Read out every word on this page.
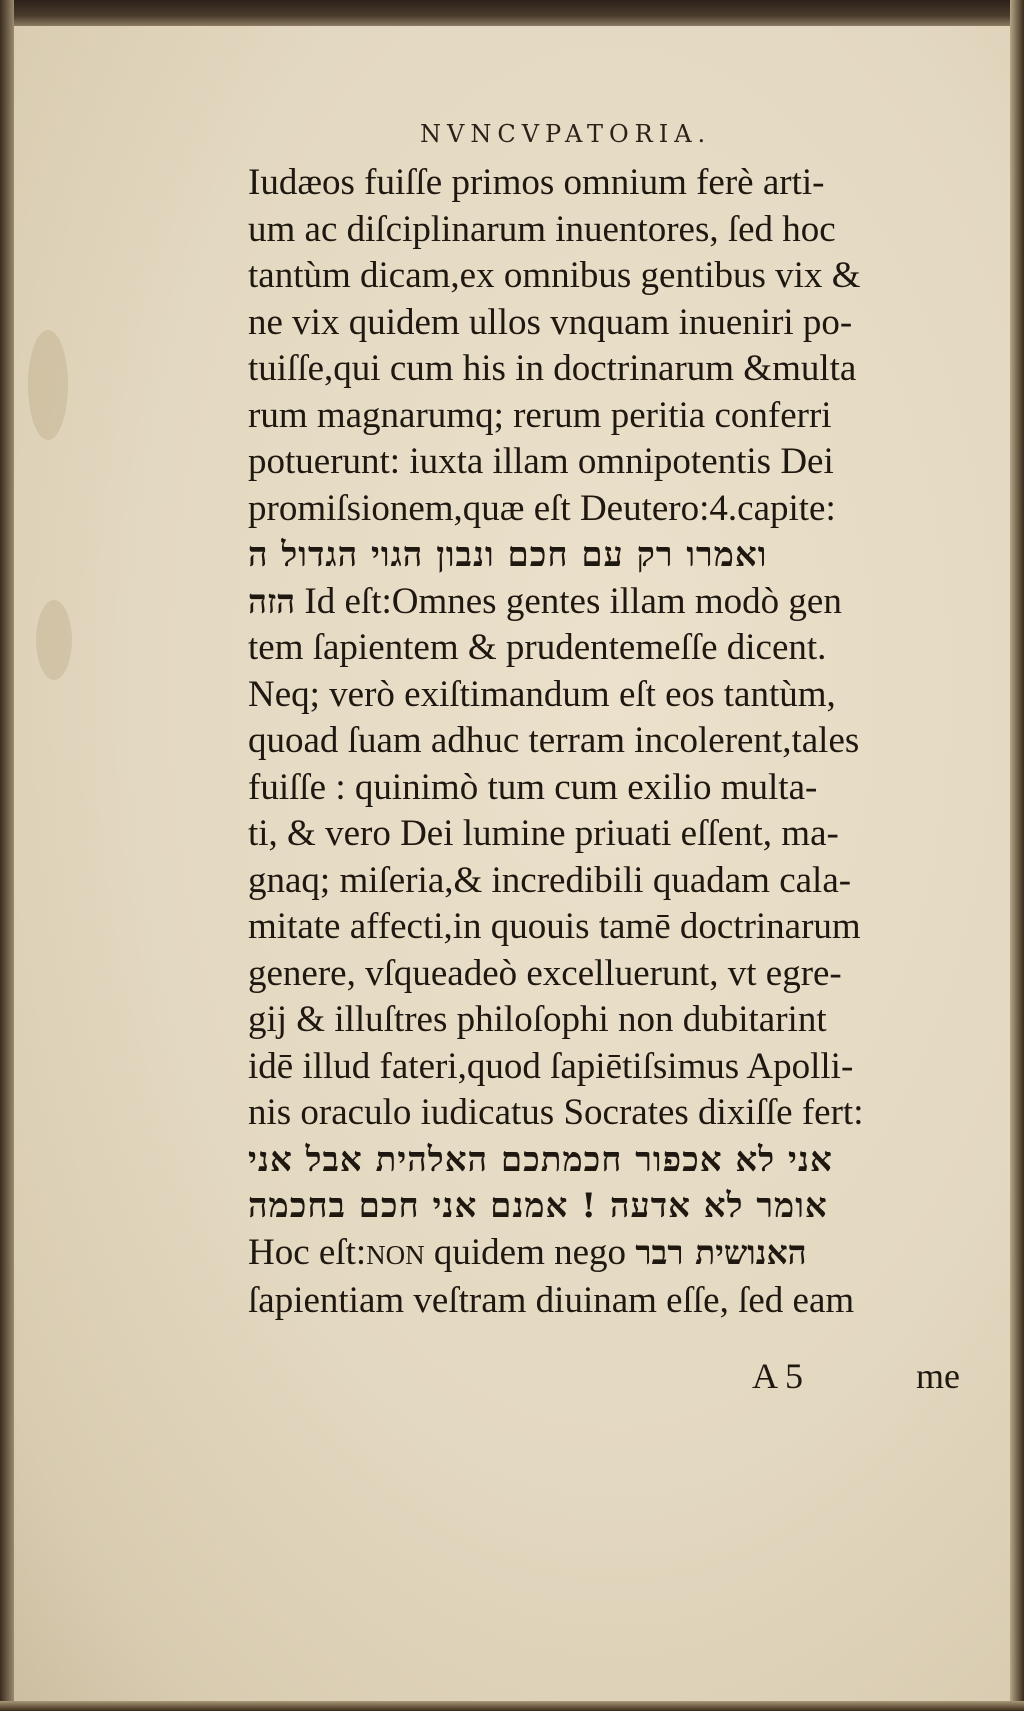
NVNCVPATORIA.
Iudæos fuiſſe primos omnium ferè arti-
um ac diſciplinarum inuentores, ſed hoc
tantùm dicam,ex omnibus gentibus vix &
ne vix quidem ullos vnquam inueniri po-
tuiſſe,qui cum his in doctrinarum &multa
rum magnarumq; rerum peritia conferri
potuerunt: iuxta illam omnipotentis Dei
promiſsionem,quæ eſt Deutero:4.capite:
ואמרו רק עם חכם ונבון הגוי הגדול ה
הזה Id eſt:Omnes gentes illam modò gen
tem ſapientem & prudentemeſſe dicent.
Neq; verò exiſtimandum eſt eos tantùm,
quoad ſuam adhuc terram incolerent,tales
fuiſſe : quinimò tum cum exilio multa-
ti, & vero Dei lumine priuati eſſent, ma-
gnaq; miſeria,& incredibili quadam cala-
mitate affecti,in quouis tamē doctrinarum
genere, vſqueadeò excelluerunt, vt egre-
gij & illuſtres philoſophi non dubitarint
idē illud fateri,quod ſapiētiſsimus Apolli-
nis oraculo iudicatus Socrates dixiſſe fert:
אני לא אכפור חכמתכם האלהית אבל אני
אומר לא אדעה ! אמנם אני חכם בחכמה
Hoc eſt:NON quidem nego האנושית רבר
ſapientiam veſtram diuinam eſſe, ſed eam
A 5	me
